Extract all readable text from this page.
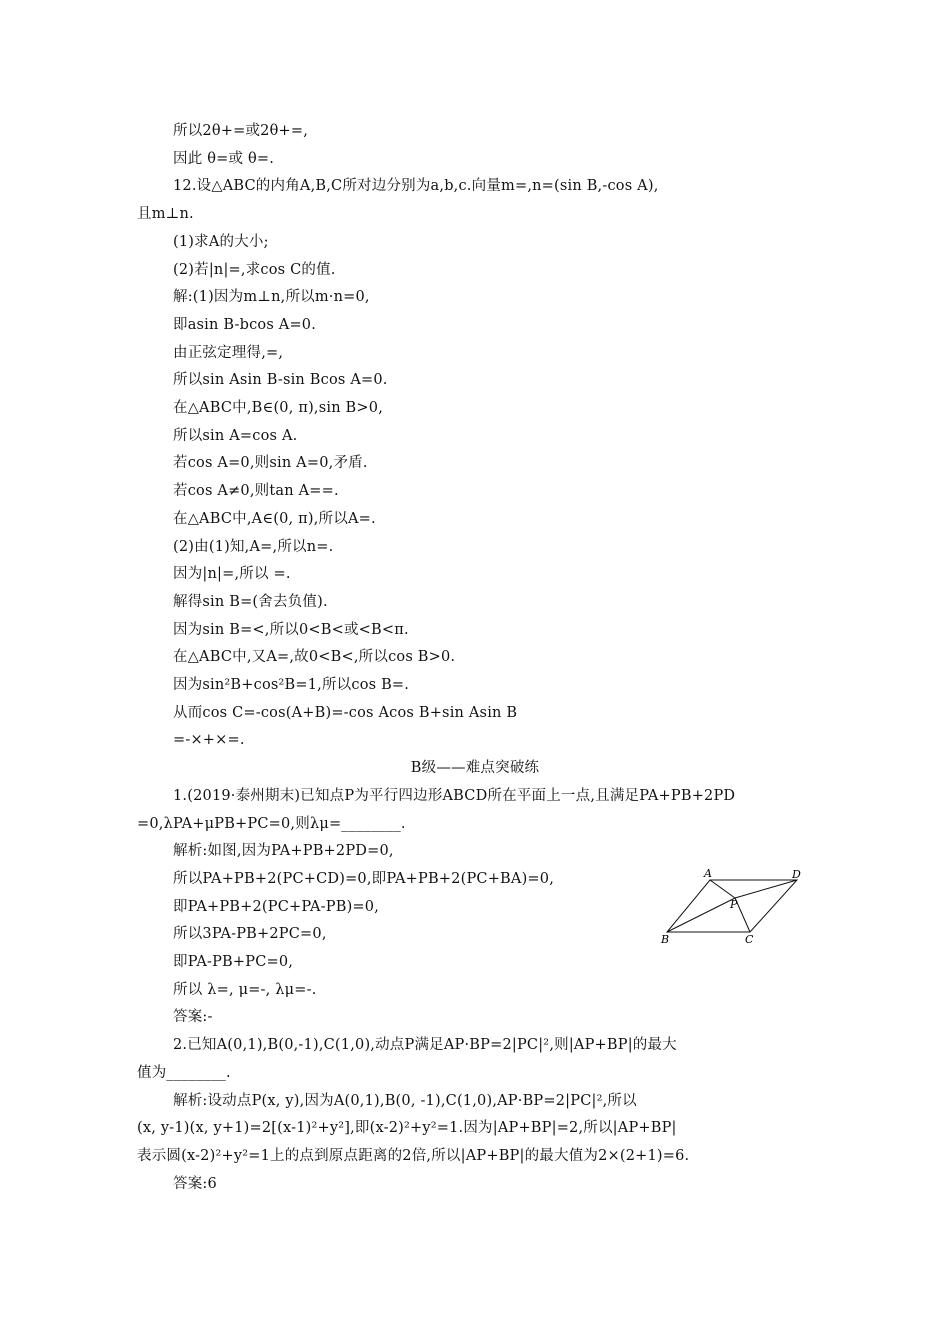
所以2θ+=或2θ+=,
因此 θ=或 θ=.
12.设△ABC的内角A,B,C所对边分别为a,b,c.向量m=,n=(sin B,-cos A),
且m⊥n.
(1)求A的大小;
(2)若|n|=,求cos C的值.
解:(1)因为m⊥n,所以m·n=0,
即asin B-bcos A=0.
由正弦定理得,=,
所以sin Asin B-sin Bcos A=0.
在△ABC中,B∈(0, π),sin B>0,
所以sin A=cos A.
若cos A=0,则sin A=0,矛盾.
若cos A≠0,则tan A==.
在△ABC中,A∈(0, π),所以A=.
(2)由(1)知,A=,所以n=.
因为|n|=,所以 =.
解得sin B=(舍去负值).
因为sin B=<,所以0<B<或<B<π.
在△ABC中,又A=,故0<B<,所以cos B>0.
因为sin²B+cos²B=1,所以cos B=.
从而cos C=-cos(A+B)=-cos Acos B+sin Asin B
=-×+×=.
B级——难点突破练
1.(2019·泰州期末)已知点P为平行四边形ABCD所在平面上一点,且满足PA+PB+2PD
=0,λPA+μPB+PC=0,则λμ=________.
解析:如图,因为PA+PB+2PD=0,
所以PA+PB+2(PC+CD)=0,即PA+PB+2(PC+BA)=0,
即PA+PB+2(PC+PA-PB)=0,
所以3PA-PB+2PC=0,
即PA-PB+PC=0,
所以 λ=, μ=-, λμ=-.
答案:-
2.已知A(0,1),B(0,-1),C(1,0),动点P满足AP·BP=2|PC|²,则|AP+BP|的最大
值为________.
解析:设动点P(x, y),因为A(0,1),B(0, -1),C(1,0),AP·BP=2|PC|²,所以
(x, y-1)(x, y+1)=2[(x-1)²+y²],即(x-2)²+y²=1.因为|AP+BP|=2,所以|AP+BP|
表示圆(x-2)²+y²=1上的点到原点距离的2倍,所以|AP+BP|的最大值为2×(2+1)=6.
答案:6
A	D
P
B	C
